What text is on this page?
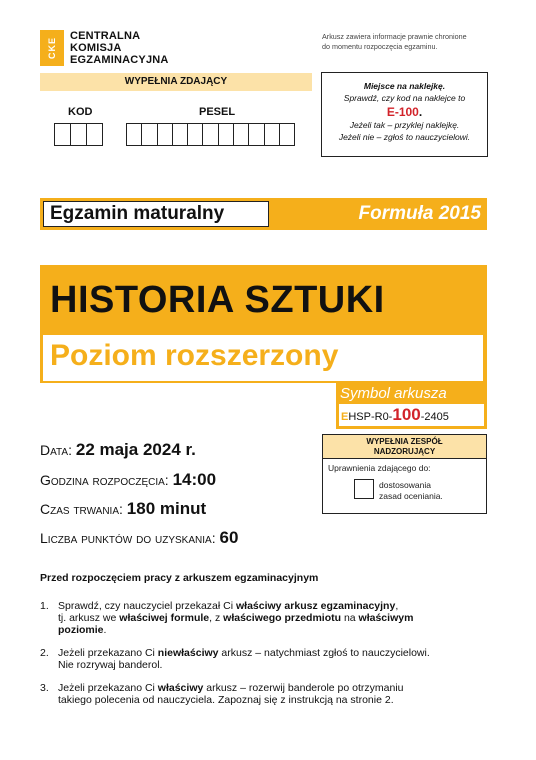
CKE
CENTRALNA
KOMISJA
EGZAMINACYJNA
Arkusz zawiera informacje prawnie chronione
do momentu rozpoczęcia egzaminu.
WYPEŁNIA ZDAJĄCY
KOD	PESEL
Miejsce na naklejkę.
Sprawdź, czy kod na naklejce to
E-100.
Jeżeli tak – przyklej naklejkę.
Jeżeli nie – zgłoś to nauczycielowi.
Egzamin maturalny	Formuła 2015
HISTORIA SZTUKI
Poziom rozszerzony
Symbol arkusza
EHSP-R0-100-2405
Data: 22 maja 2024 r.
Godzina rozpoczęcia: 14:00
Czas trwania: 180 minut
Liczba punktów do uzyskania: 60
WYPEŁNIA ZESPÓŁ
NADZORUJĄCY
Uprawnienia zdającego do:
dostosowania
zasad oceniania.
Przed rozpoczęciem pracy z arkuszem egzaminacyjnym
1. Sprawdź, czy nauczyciel przekazał Ci właściwy arkusz egzaminacyjny,
tj. arkusz we właściwej formule, z właściwego przedmiotu na właściwym
poziomie.
2. Jeżeli przekazano Ci niewłaściwy arkusz – natychmiast zgłoś to nauczycielowi.
Nie rozrywaj banderol.
3. Jeżeli przekazano Ci właściwy arkusz – rozerwij banderole po otrzymaniu
takiego polecenia od nauczyciela. Zapoznaj się z instrukcją na stronie 2.
